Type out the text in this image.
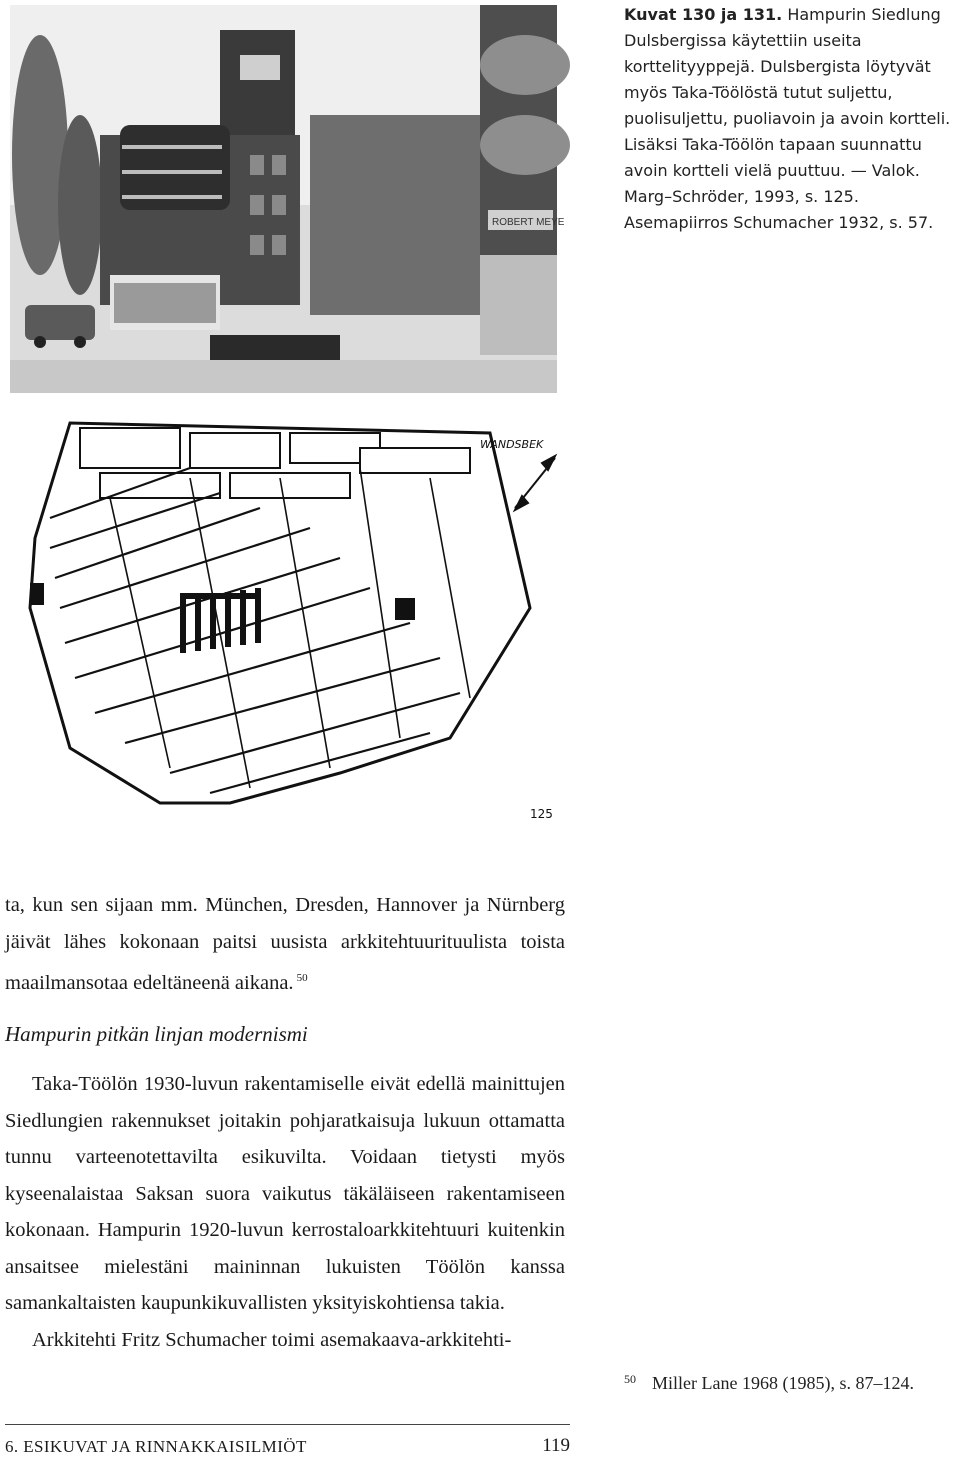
ROBERT MEYE
Kuvat 130 ja 131. Hampurin Siedlung Dulsbergissa käytettiin useita korttelityyppejä. Dulsbergista löytyvät myös Taka-Töölöstä tutut suljettu, puolisuljettu, puoliavoin ja avoin kortteli. Lisäksi Taka-Töölön tapaan suunnattu avoin kortteli vielä puuttuu. — Valok. Marg–Schröder, 1993, s. 125. Asemapiirros Schumacher 1932, s. 57.
WANDSBEK
125

ta, kun sen sijaan mm. München, Dresden, Hannover ja Nürnberg jäivät lähes kokonaan paitsi uusista arkkitehtuurituulista toista maailmansotaa edeltäneenä aikana. $^{50}$

Hampurin pitkän linjan modernismi

Taka-Töölön 1930-luvun rakentamiselle eivät edellä mainittujen Siedlungien rakennukset joitakin pohjaratkaisuja lukuun ottamatta tunnu varteenotettavilta esikuvilta. Voidaan tietysti myös kyseenalaistaa Saksan suora vaikutus täkäläiseen rakentamiseen kokonaan. Hampurin 1920-luvun kerrostaloarkkitehtuuri kuitenkin ansaitsee mielestäni maininnan lukuisten Töölön kanssa samankaltaisten kaupunkikuvallisten yksityiskohtiensa takia.

Arkkitehti Fritz Schumacher toimi asemakaava-arkkitehti-

$^{50}$ Miller Lane 1968 (1985), s. 87–124.
6. ESIKUVAT JA RINNAKKAISILMIÖT	119
